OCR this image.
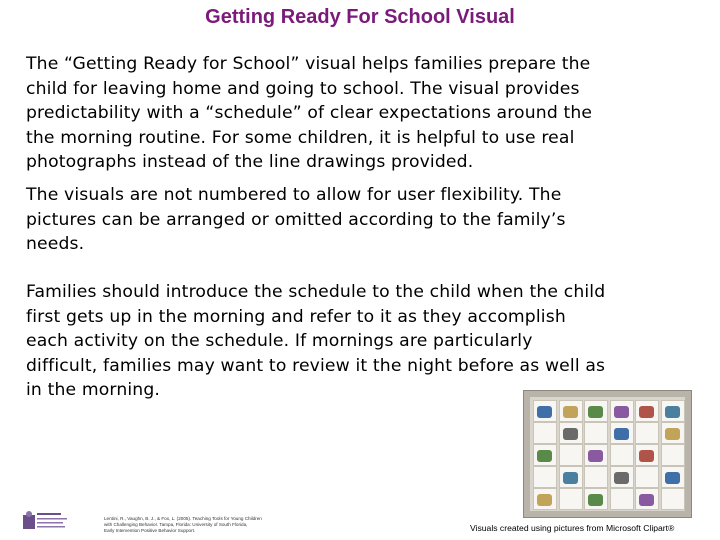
Getting Ready For School Visual
The “Getting Ready for School” visual helps families prepare the
child for leaving home and going to school. The visual provides
predictability with a “schedule” of clear expectations around the
the morning routine. For some children, it is helpful to use real
photographs instead of the line drawings provided.
The visuals are not numbered to allow for user flexibility. The
pictures can be arranged or omitted according to the family’s
needs.
Families should introduce the schedule to the child when the child
first gets up in the morning and refer to it as they accomplish
each activity on the schedule. If mornings are particularly
difficult, families may want to review it the night before as well as
in the morning.
Lentini, R., Vaughn, B. J., & Fox, L. (2005). Teaching Tools for Young Children
with Challenging Behavior. Tampa, Florida: University of South Florida,
Early Intervention Positive Behavior Support.	Visuals created using pictures from Microsoft Clipart®
